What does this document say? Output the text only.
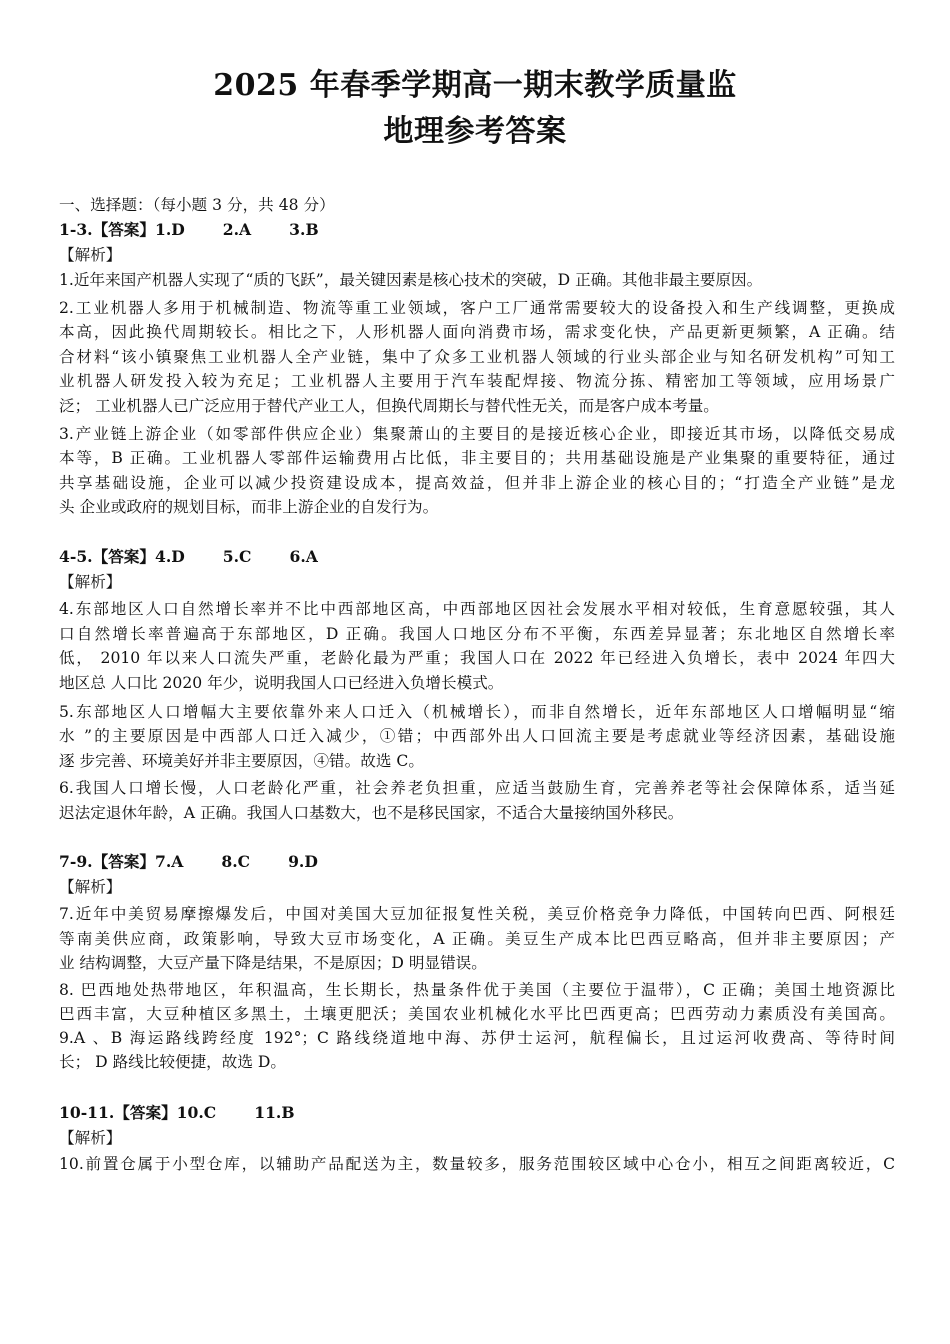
2025 年春季学期高一期末教学质量监
地理参考答案
一、选择题：（每小题 3 分，共 48 分）
1-3.【答案】1.D 2.A 3.B
【解析】
1.近年来国产机器人实现了“质的飞跃”，最关键因素是核心技术的突破，D 正确。其他非最主要原因。
2.工业机器人多用于机械制造、物流等重工业领域，客户工厂通常需要较大的设备投入和生产线调整，更换成
本高，因此换代周期较长。相比之下，人形机器人面向消费市场，需求变化快，产品更新更频繁，A 正确。结
合材料“该小镇聚焦工业机器人全产业链，集中了众多工业机器人领域的行业头部企业与知名研发机构”可知工
业机器人研发投入较为充足；工业机器人主要用于汽车装配焊接、物流分拣、精密加工等领域，应用场景广
泛； 工业机器人已广泛应用于替代产业工人，但换代周期长与替代性无关，而是客户成本考量。
3.产业链上游企业（如零部件供应企业）集聚萧山的主要目的是接近核心企业，即接近其市场，以降低交易成
本等，B 正确。工业机器人零部件运输费用占比低，非主要目的；共用基础设施是产业集聚的重要特征，通过
共享基础设施，企业可以减少投资建设成本，提高效益，但并非上游企业的核心目的；“打造全产业链”是龙
头 企业或政府的规划目标，而非上游企业的自发行为。
4-5.【答案】4.D 5.C 6.A
【解析】
4.东部地区人口自然增长率并不比中西部地区高，中西部地区因社会发展水平相对较低，生育意愿较强，其人
口自然增长率普遍高于东部地区，D 正确。我国人口地区分布不平衡，东西差异显著；东北地区自然增长率
低， 2010 年以来人口流失严重，老龄化最为严重；我国人口在 2022 年已经进入负增长，表中 2024 年四大
地区总 人口比 2020 年少，说明我国人口已经进入负增长模式。
5.东部地区人口增幅大主要依靠外来人口迁入（机械增长），而非自然增长，近年东部地区人口增幅明显“缩
水 ”的主要原因是中西部人口迁入减少，①错；中西部外出人口回流主要是考虑就业等经济因素，基础设施
逐 步完善、环境美好并非主要原因，④错。故选 C。
6.我国人口增长慢，人口老龄化严重，社会养老负担重，应适当鼓励生育，完善养老等社会保障体系，适当延
迟法定退休年龄，A 正确。我国人口基数大，也不是移民国家，不适合大量接纳国外移民。
7-9.【答案】7.A 8.C 9.D
【解析】
7.近年中美贸易摩擦爆发后，中国对美国大豆加征报复性关税，美豆价格竞争力降低，中国转向巴西、阿根廷
等南美供应商，政策影响，导致大豆市场变化，A 正确。美豆生产成本比巴西豆略高，但并非主要原因；产
业 结构调整，大豆产量下降是结果，不是原因；D 明显错误。
8. 巴西地处热带地区，年积温高，生长期长，热量条件优于美国（主要位于温带），C 正确；美国土地资源比
巴西丰富，大豆种植区多黑土，土壤更肥沃；美国农业机械化水平比巴西更高；巴西劳动力素质没有美国高。
9.A 、B 海运路线跨经度 192°；C 路线绕道地中海、苏伊士运河，航程偏长，且过运河收费高、等待时间
长； D 路线比较便捷，故选 D。
10-11.【答案】10.C 11.B
【解析】
10.前置仓属于小型仓库，以辅助产品配送为主，数量较多，服务范围较区域中心仓小，相互之间距离较近，C
